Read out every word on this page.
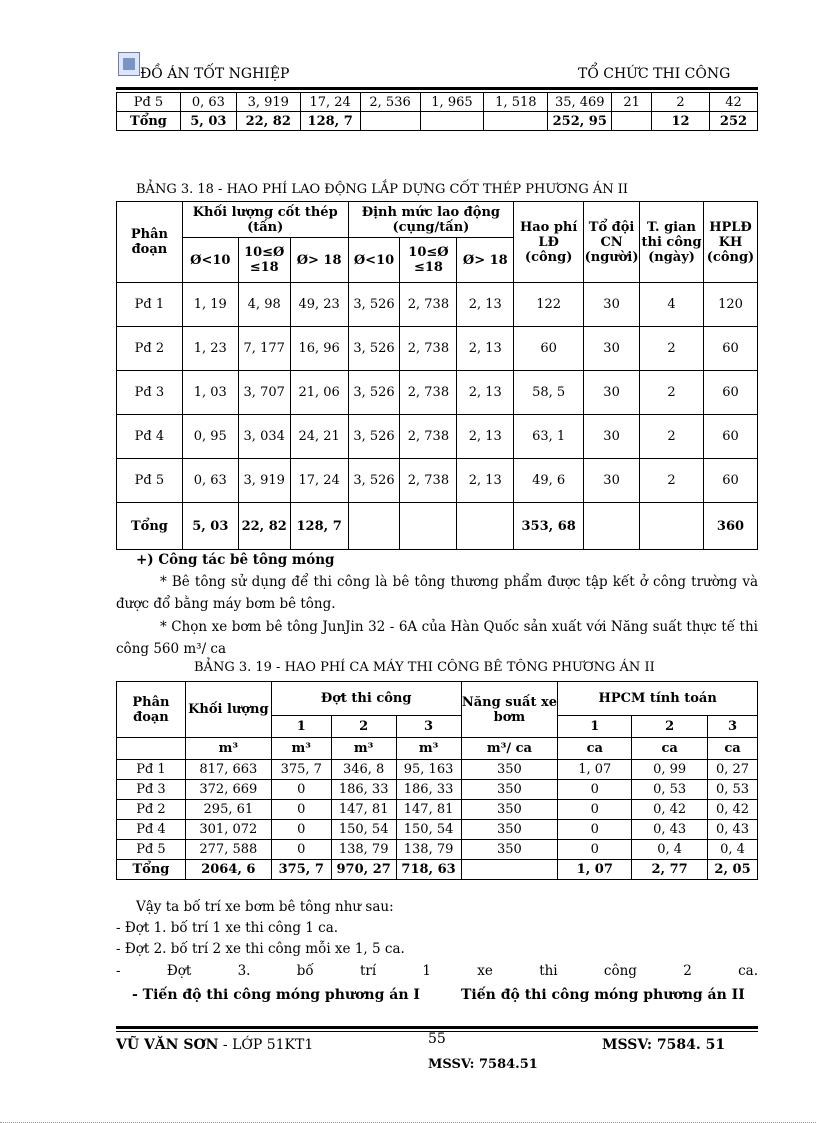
ĐỒ ÁN TỐT NGHIỆP	TỔ CHỨC THI CÔNG
Pđ 5	0, 63	3, 919	17, 24	2, 536	1, 965	1, 518	35, 469	21	2	42
Tổng	5, 03	22, 82	128, 7				252, 95		12	252
BẢNG 3. 18 - HAO PHÍ LAO ĐỘNG LẮP DỰNG CỐT THÉP PHƯƠNG ÁN II
Phân đoạn	Khối lượng cốt thép (tấn)			Định mức lao động (cụng/tấn)			Hao phí LĐ (công)	Tổ đội CN (người)	T. gian thi công (ngày)	HPLĐ KH (công)
	Ø<10	10≤Ø ≤18	Ø> 18	Ø<10	10≤Ø ≤18	Ø> 18				
Pđ 1	1, 19	4, 98	49, 23	3, 526	2, 738	2, 13	122	30	4	120
Pđ 2	1, 23	7, 177	16, 96	3, 526	2, 738	2, 13	60	30	2	60
Pđ 3	1, 03	3, 707	21, 06	3, 526	2, 738	2, 13	58, 5	30	2	60
Pđ 4	0, 95	3, 034	24, 21	3, 526	2, 738	2, 13	63, 1	30	2	60
Pđ 5	0, 63	3, 919	17, 24	3, 526	2, 738	2, 13	49, 6	30	2	60
Tổng	5, 03	22, 82	128, 7				353, 68			360
+) Công tác bê tông móng
* Bê tông sử dụng để thi công là bê tông thương phẩm được tập kết ở công trường và được đổ bằng máy bơm bê tông.
* Chọn xe bơm bê tông JunJin 32 - 6A của Hàn Quốc sản xuất với Năng suất thực tế thi công 560 m³/ ca
BẢNG 3. 19 - HAO PHÍ CA MÁY THI CÔNG BÊ TÔNG PHƯƠNG ÁN II
Phân đoạn	Khối lượng	Đợt thi công			Năng suất xe bơm	HPCM tính toán		
		1	2	3		1	2	3
	m³	m³	m³	m³	m³/ ca	ca	ca	ca
Pđ 1	817, 663	375, 7	346, 8	95, 163	350	1, 07	0, 99	0, 27
Pđ 3	372, 669	0	186, 33	186, 33	350	0	0, 53	0, 53
Pđ 2	295, 61	0	147, 81	147, 81	350	0	0, 42	0, 42
Pđ 4	301, 072	0	150, 54	150, 54	350	0	0, 43	0, 43
Pđ 5	277, 588	0	138, 79	138, 79	350	0	0, 4	0, 4
Tổng	2064, 6	375, 7	970, 27	718, 63		1, 07	2, 77	2, 05
Vậy ta bố trí xe bơm bê tông như sau:
- Đợt 1. bố trí 1 xe thi công 1 ca.
- Đợt 2. bố trí 2 xe thi công mỗi xe 1, 5 ca.
-	Đợt	3.	bố	trí	1	xe	thi	công	2	ca.
- Tiến độ thi công móng phương án I	Tiến độ thi công móng phương án II
VŨ VĂN SƠN - LỚP 51KT1	55	MSSV: 7584. 51
MSSV: 7584.51
